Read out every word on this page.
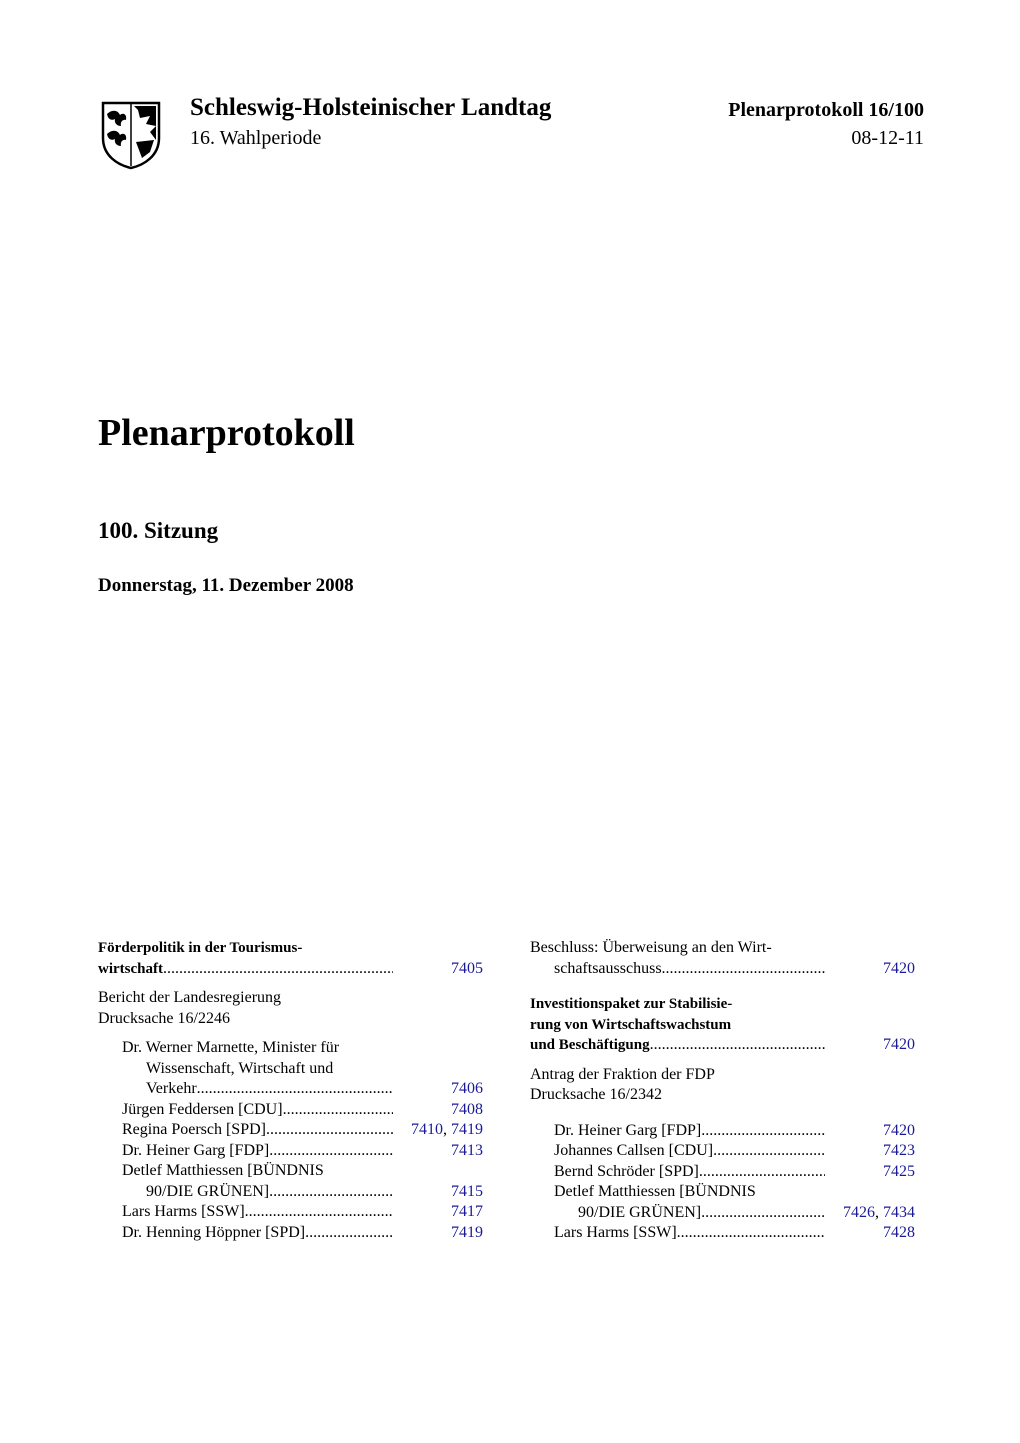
Schleswig-Holsteinischer Landtag	Plenarprotokoll 16/100
16. Wahlperiode	08-12-11
Plenarprotokoll
100. Sitzung
Donnerstag, 11. Dezember 2008
Förderpolitik in der Tourismus-
wirtschaft .....	7405
Bericht der Landesregierung
Drucksache 16/2246
Dr. Werner Marnette, Minister für
Wissenschaft, Wirtschaft und
Verkehr .....	7406
Jürgen Feddersen [CDU] .....	7408
Regina Poersch [SPD] .....	7410, 7419
Dr. Heiner Garg [FDP] .....	7413
Detlef Matthiessen [BÜNDNIS
90/DIE GRÜNEN] .....	7415
Lars Harms [SSW] .....	7417
Dr. Henning Höppner [SPD] .....	7419
Beschluss: Überweisung an den Wirt-
schaftsausschuss .....	7420
Investitionspaket zur Stabilisie-
rung von Wirtschaftswachstum
und Beschäftigung .....	7420
Antrag der Fraktion der FDP
Drucksache 16/2342
Dr. Heiner Garg [FDP] .....	7420
Johannes Callsen [CDU] .....	7423
Bernd Schröder [SPD] .....	7425
Detlef Matthiessen [BÜNDNIS
90/DIE GRÜNEN] .....	7426, 7434
Lars Harms [SSW] .....	7428
